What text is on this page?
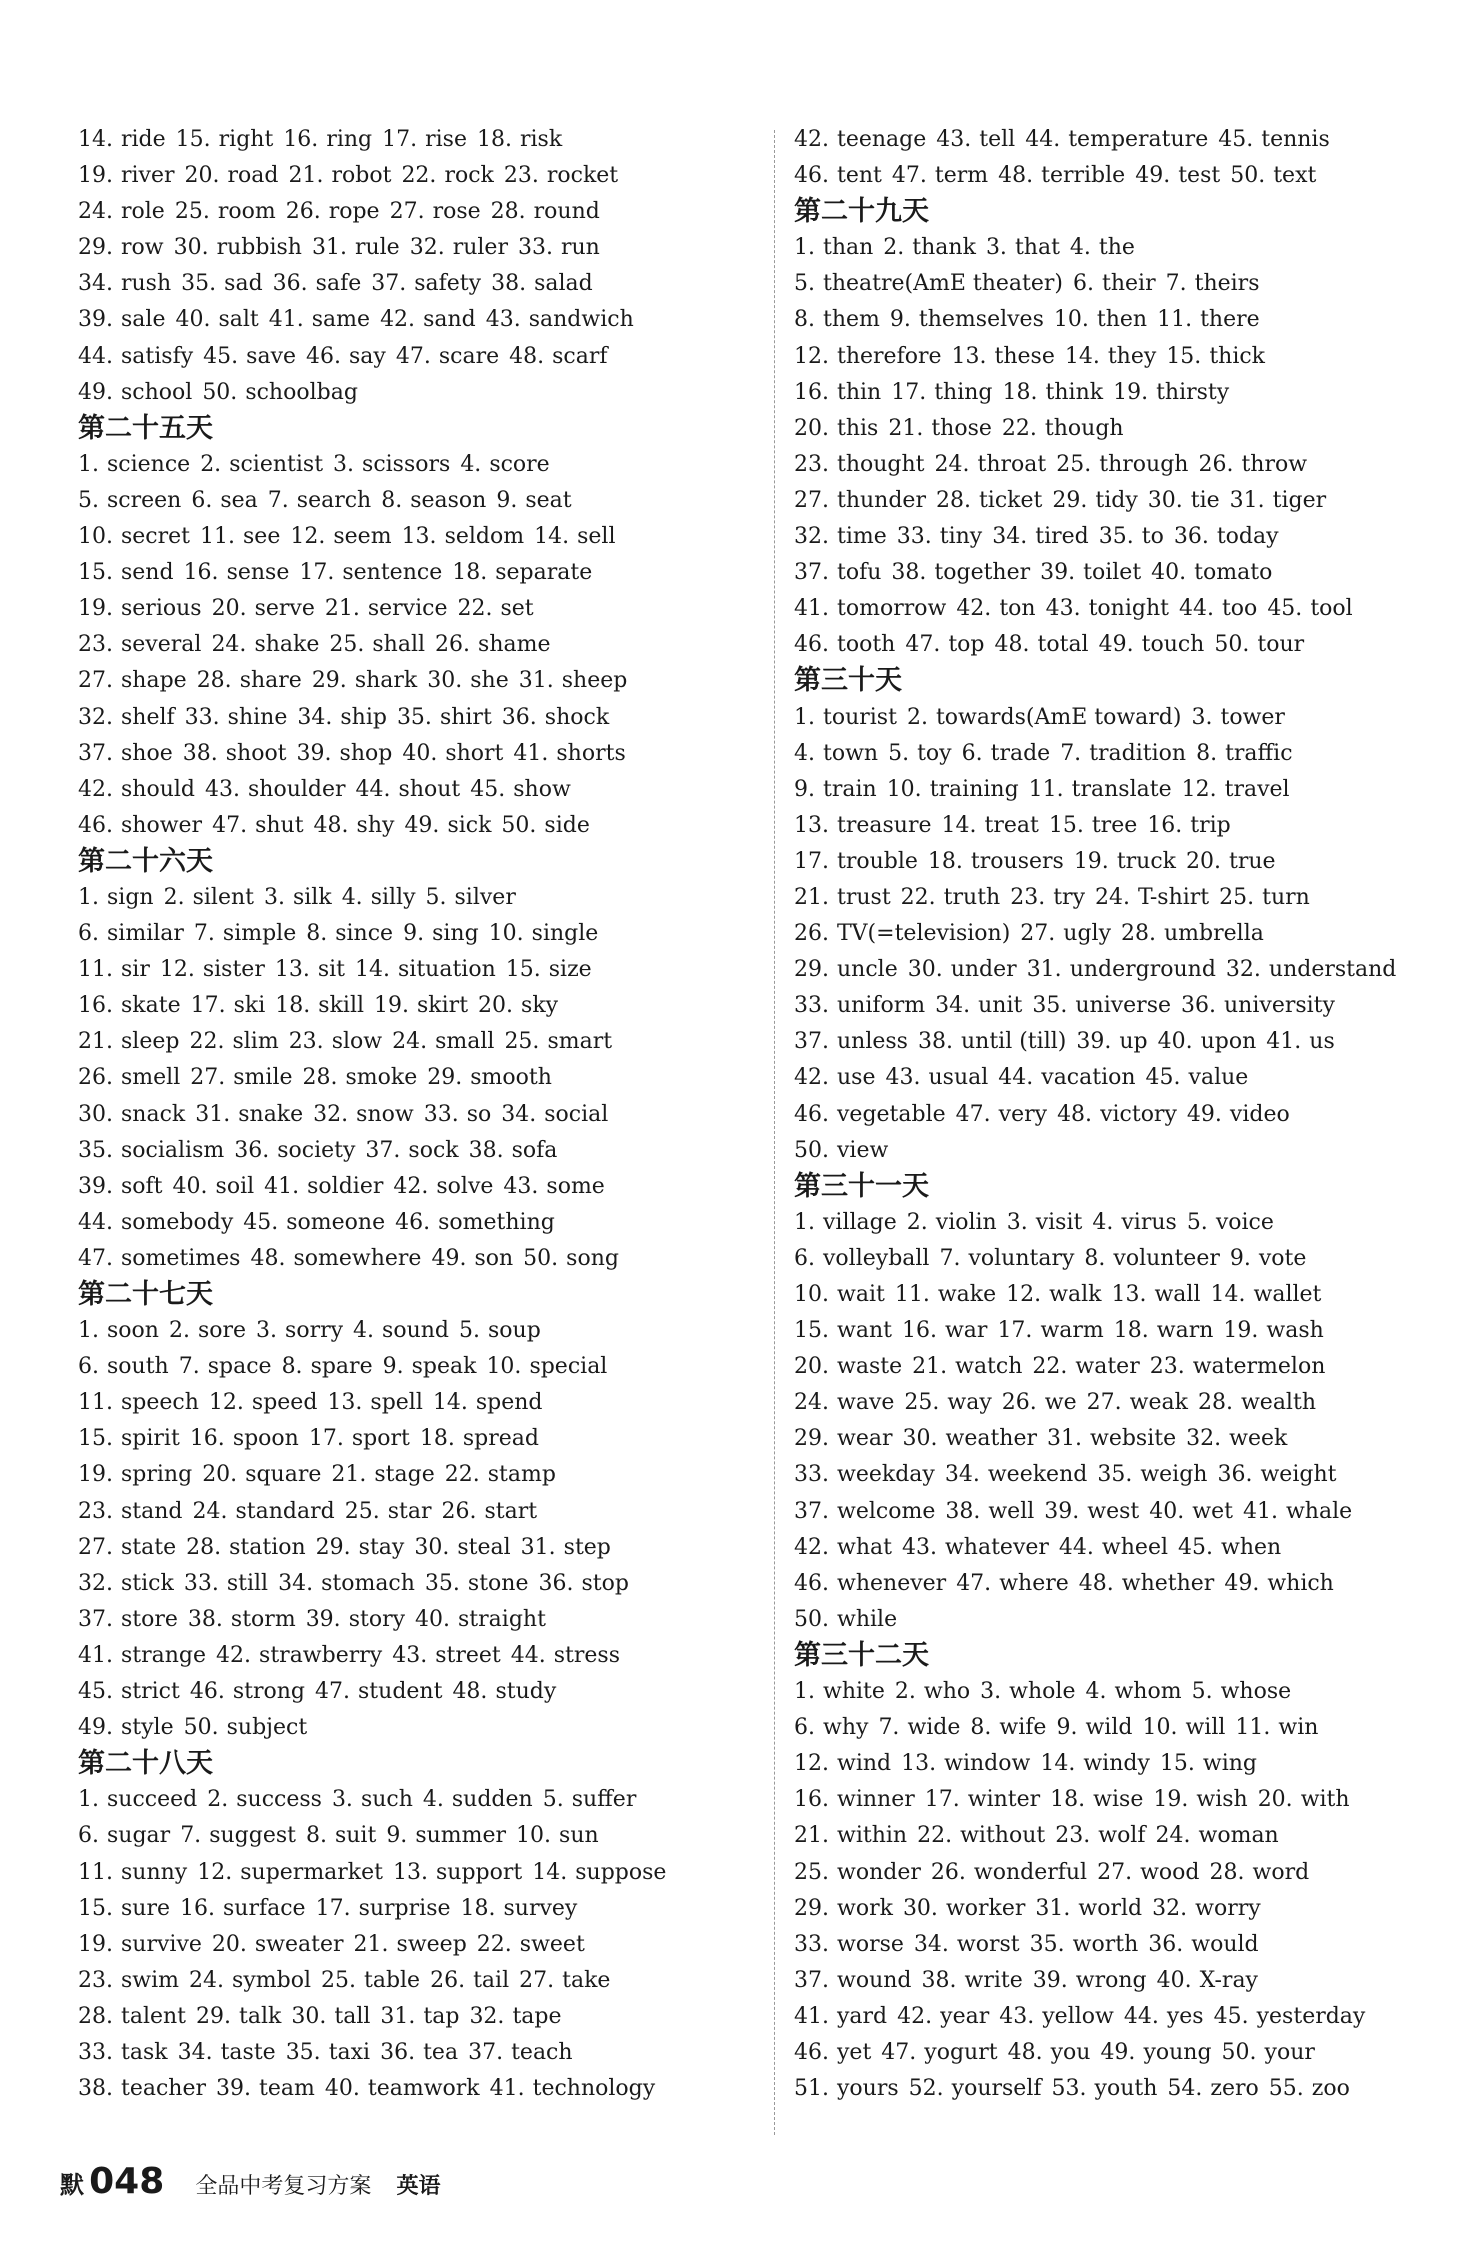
14. ride 15. right 16. ring 17. rise 18. risk
19. river 20. road 21. robot 22. rock 23. rocket
24. role 25. room 26. rope 27. rose 28. round
29. row 30. rubbish 31. rule 32. ruler 33. run
34. rush 35. sad 36. safe 37. safety 38. salad
39. sale 40. salt 41. same 42. sand 43. sandwich
44. satisfy 45. save 46. say 47. scare 48. scarf
49. school 50. schoolbag
第二十五天
1. science 2. scientist 3. scissors 4. score
5. screen 6. sea 7. search 8. season 9. seat
10. secret 11. see 12. seem 13. seldom 14. sell
15. send 16. sense 17. sentence 18. separate
19. serious 20. serve 21. service 22. set
23. several 24. shake 25. shall 26. shame
27. shape 28. share 29. shark 30. she 31. sheep
32. shelf 33. shine 34. ship 35. shirt 36. shock
37. shoe 38. shoot 39. shop 40. short 41. shorts
42. should 43. shoulder 44. shout 45. show
46. shower 47. shut 48. shy 49. sick 50. side
第二十六天
1. sign 2. silent 3. silk 4. silly 5. silver
6. similar 7. simple 8. since 9. sing 10. single
11. sir 12. sister 13. sit 14. situation 15. size
16. skate 17. ski 18. skill 19. skirt 20. sky
21. sleep 22. slim 23. slow 24. small 25. smart
26. smell 27. smile 28. smoke 29. smooth
30. snack 31. snake 32. snow 33. so 34. social
35. socialism 36. society 37. sock 38. sofa
39. soft 40. soil 41. soldier 42. solve 43. some
44. somebody 45. someone 46. something
47. sometimes 48. somewhere 49. son 50. song
第二十七天
1. soon 2. sore 3. sorry 4. sound 5. soup
6. south 7. space 8. spare 9. speak 10. special
11. speech 12. speed 13. spell 14. spend
15. spirit 16. spoon 17. sport 18. spread
19. spring 20. square 21. stage 22. stamp
23. stand 24. standard 25. star 26. start
27. state 28. station 29. stay 30. steal 31. step
32. stick 33. still 34. stomach 35. stone 36. stop
37. store 38. storm 39. story 40. straight
41. strange 42. strawberry 43. street 44. stress
45. strict 46. strong 47. student 48. study
49. style 50. subject
第二十八天
1. succeed 2. success 3. such 4. sudden 5. suffer
6. sugar 7. suggest 8. suit 9. summer 10. sun
11. sunny 12. supermarket 13. support 14. suppose
15. sure 16. surface 17. surprise 18. survey
19. survive 20. sweater 21. sweep 22. sweet
23. swim 24. symbol 25. table 26. tail 27. take
28. talent 29. talk 30. tall 31. tap 32. tape
33. task 34. taste 35. taxi 36. tea 37. teach
38. teacher 39. team 40. teamwork 41. technology
42. teenage 43. tell 44. temperature 45. tennis
46. tent 47. term 48. terrible 49. test 50. text
第二十九天
1. than 2. thank 3. that 4. the
5. theatre(AmE theater) 6. their 7. theirs
8. them 9. themselves 10. then 11. there
12. therefore 13. these 14. they 15. thick
16. thin 17. thing 18. think 19. thirsty
20. this 21. those 22. though
23. thought 24. throat 25. through 26. throw
27. thunder 28. ticket 29. tidy 30. tie 31. tiger
32. time 33. tiny 34. tired 35. to 36. today
37. tofu 38. together 39. toilet 40. tomato
41. tomorrow 42. ton 43. tonight 44. too 45. tool
46. tooth 47. top 48. total 49. touch 50. tour
第三十天
1. tourist 2. towards(AmE toward) 3. tower
4. town 5. toy 6. trade 7. tradition 8. traffic
9. train 10. training 11. translate 12. travel
13. treasure 14. treat 15. tree 16. trip
17. trouble 18. trousers 19. truck 20. true
21. trust 22. truth 23. try 24. T-shirt 25. turn
26. TV(=television) 27. ugly 28. umbrella
29. uncle 30. under 31. underground 32. understand
33. uniform 34. unit 35. universe 36. university
37. unless 38. until (till) 39. up 40. upon 41. us
42. use 43. usual 44. vacation 45. value
46. vegetable 47. very 48. victory 49. video
50. view
第三十一天
1. village 2. violin 3. visit 4. virus 5. voice
6. volleyball 7. voluntary 8. volunteer 9. vote
10. wait 11. wake 12. walk 13. wall 14. wallet
15. want 16. war 17. warm 18. warn 19. wash
20. waste 21. watch 22. water 23. watermelon
24. wave 25. way 26. we 27. weak 28. wealth
29. wear 30. weather 31. website 32. week
33. weekday 34. weekend 35. weigh 36. weight
37. welcome 38. well 39. west 40. wet 41. whale
42. what 43. whatever 44. wheel 45. when
46. whenever 47. where 48. whether 49. which
50. while
第三十二天
1. white 2. who 3. whole 4. whom 5. whose
6. why 7. wide 8. wife 9. wild 10. will 11. win
12. wind 13. window 14. windy 15. wing
16. winner 17. winter 18. wise 19. wish 20. with
21. within 22. without 23. wolf 24. woman
25. wonder 26. wonderful 27. wood 28. word
29. work 30. worker 31. world 32. worry
33. worse 34. worst 35. worth 36. would
37. wound 38. write 39. wrong 40. X-ray
41. yard 42. year 43. yellow 44. yes 45. yesterday
46. yet 47. yogurt 48. you 49. young 50. your
51. yours 52. yourself 53. youth 54. zero 55. zoo
默 048 全品中考复习方案 英语
